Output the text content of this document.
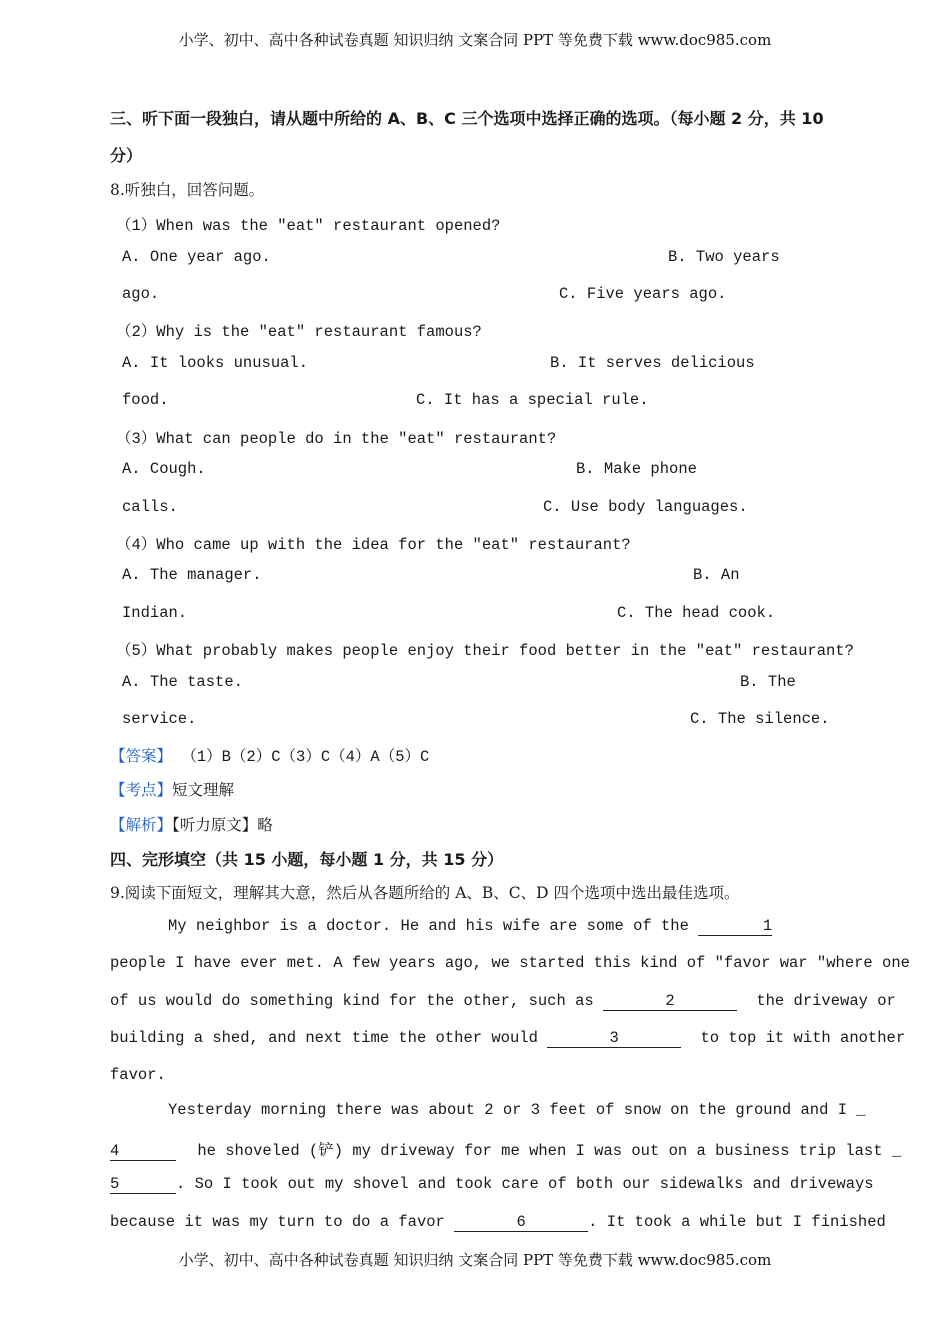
小学、初中、高中各种试卷真题 知识归纳 文案合同 PPT 等免费下载 www.doc985.com
三、听下面一段独白，请从题中所给的 A、B、C 三个选项中选择正确的选项。（每小题 2 分，共 10
分）
8.听独白，回答问题。
（1）When was the "eat" restaurant opened?
A. One year ago.	B. Two years
ago.	C. Five years ago.
（2）Why is the "eat" restaurant famous?
A. It looks unusual.	B. It serves delicious
food.	C. It has a special rule.
（3）What can people do in the "eat" restaurant?
A. Cough.	B. Make phone
calls.	C. Use body languages.
（4）Who came up with the idea for the "eat" restaurant?
A. The manager.	B. An
Indian.	C. The head cook.
（5）What probably makes people enjoy their food better in the "eat" restaurant?
A. The taste.	B. The
service.	C. The silence.
【答案】 （1）B（2）C（3）C（4）A（5）C
【考点】短文理解
【解析】【听力原文】略
四、完形填空（共 15 小题，每小题 1 分，共 15 分）
9.阅读下面短文，理解其大意，然后从各题所给的 A、B、C、D 四个选项中选出最佳选项。
My neighbor is a doctor. He and his wife are some of the	1
people I have ever met. A few years ago, we started this kind of "favor war "where one
of us would do something kind for the other, such as	2	the driveway or
building a shed, and next time the other would	3	to top it with another
favor.
Yesterday morning there was about 2 or 3 feet of snow on the ground and I _
4	he shoveled (铲) my driveway for me when I was out on a business trip last _
5	. So I took out my shovel and took care of both our sidewalks and driveways
because it was my turn to do a favor	6	. It took a while but I finished
小学、初中、高中各种试卷真题 知识归纳 文案合同 PPT 等免费下载 www.doc985.com
